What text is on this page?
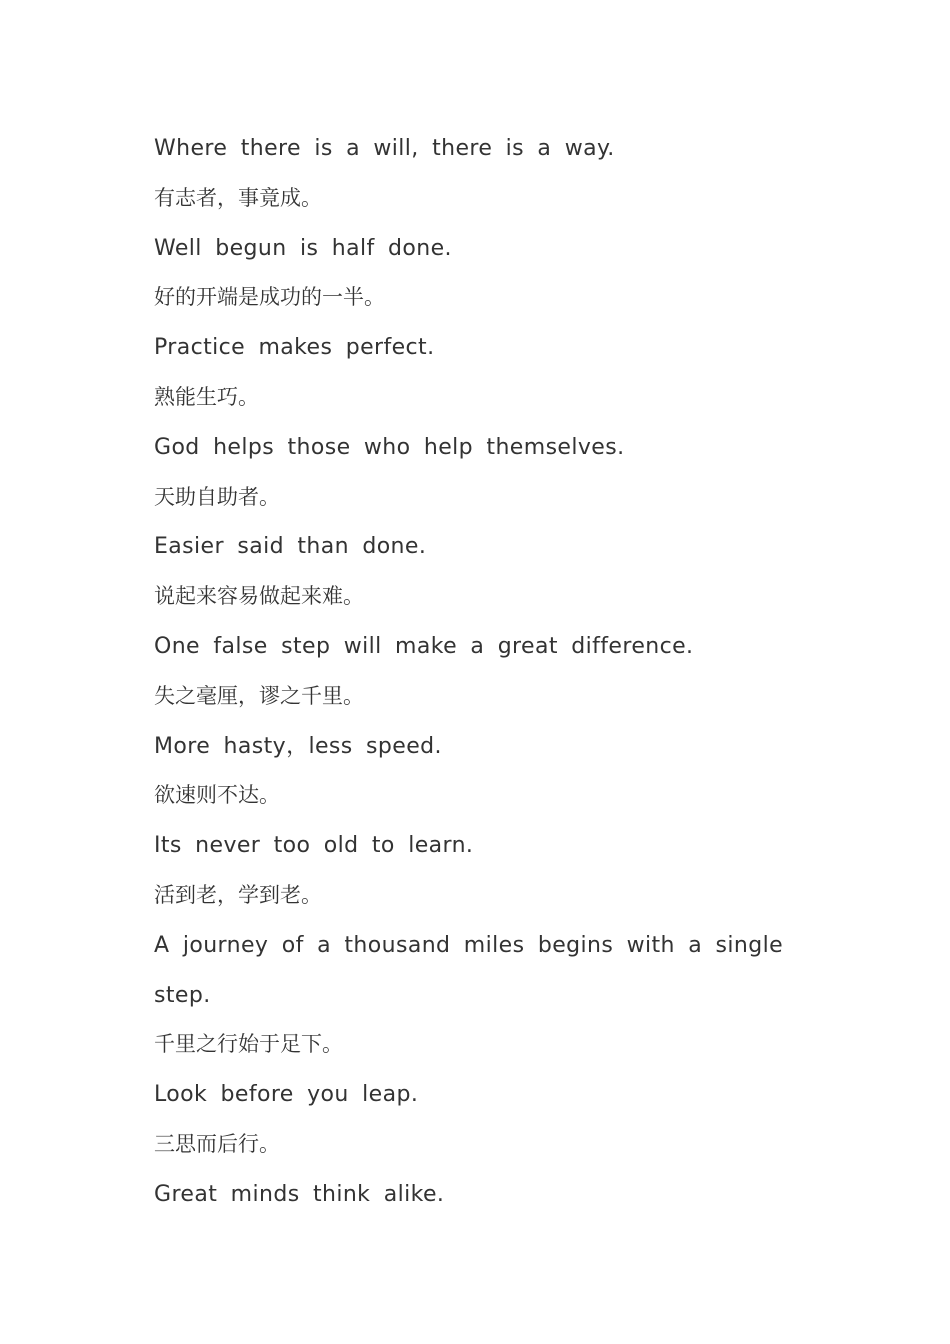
Where there is a will, there is a way.
有志者，事竟成。
Well begun is half done.
好的开端是成功的一半。
Practice makes perfect.
熟能生巧。
God helps those who help themselves.
天助自助者。
Easier said than done.
说起来容易做起来难。
One false step will make a great difference.
失之毫厘，谬之千里。
More hasty，less speed.
欲速则不达。
Its never too old to learn.
活到老，学到老。
A journey of a thousand miles begins with a single
step.
千里之行始于足下。
Look before you leap.
三思而后行。
Great minds think alike.
